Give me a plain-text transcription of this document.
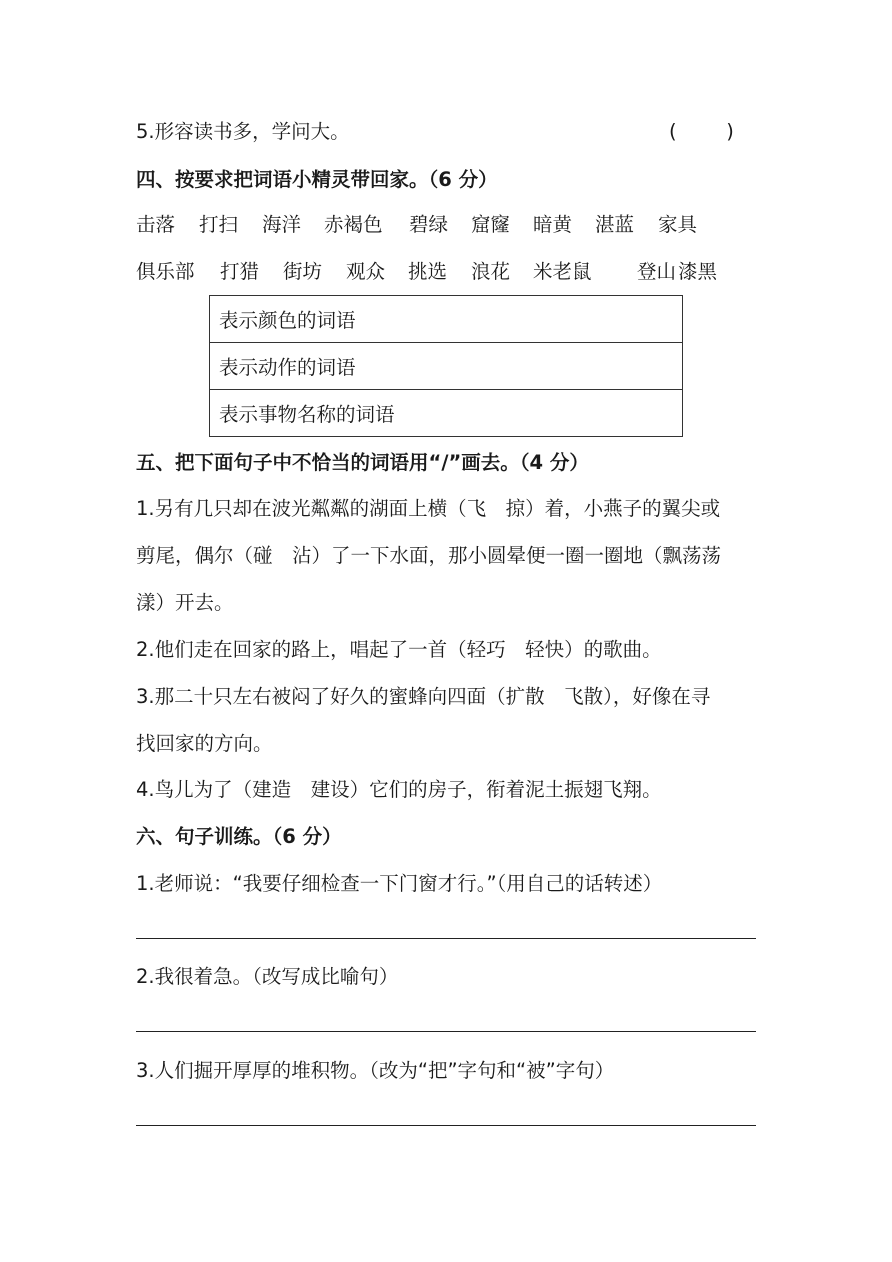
5.形容读书多，学问大。	(        )
四、按要求把词语小精灵带回家。（6 分）
击落	打扫	海洋	赤褐色	碧绿	窟窿	暗黄	湛蓝	家具
俱乐部	打猎	街坊	观众	挑选	浪花	米老鼠	登山 漆黑
表示颜色的词语
表示动作的词语
表示事物名称的词语
五、把下面句子中不恰当的词语用“/”画去。（4 分）
1.另有几只却在波光粼粼的湖面上横（飞　掠）着，小燕子的翼尖或
剪尾，偶尔（碰　沾）了一下水面，那小圆晕便一圈一圈地（飘荡荡
漾）开去。
2.他们走在回家的路上，唱起了一首（轻巧　轻快）的歌曲。
3.那二十只左右被闷了好久的蜜蜂向四面（扩散　飞散），好像在寻
找回家的方向。
4.鸟儿为了（建造　建设）它们的房子，衔着泥土振翅飞翔。
六、句子训练。（6 分）
1.老师说：“我要仔细检查一下门窗才行。”（用自己的话转述）
2.我很着急。（改写成比喻句）
3.人们掘开厚厚的堆积物。（改为“把”字句和“被”字句）
